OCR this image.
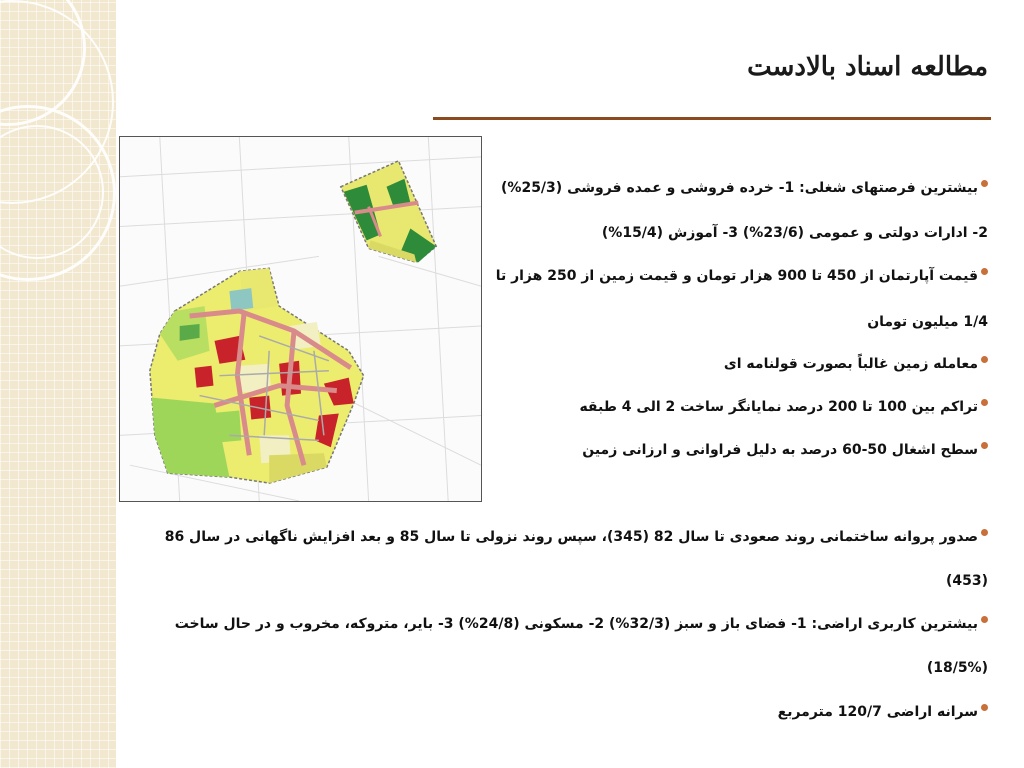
مطالعه اسناد بالادست
بیشترین فرصتهای شغلی: 1- خرده فروشی و عمده فروشی (25/3%)
2- ادارات دولتی و عمومی (23/6%) 3- آموزش (15/4%)
قیمت آپارتمان از 450 تا 900 هزار تومان و قیمت زمین از 250 هزار تا
1/4 میلیون تومان
معامله زمین غالباً بصورت قولنامه ای
تراکم بین 100 تا 200 درصد نمایانگر ساخت 2 الی 4 طبقه
سطح اشغال 50-60 درصد به دلیل فراوانی و ارزانی زمین
صدور پروانه ساختمانی روند صعودی تا سال 82 (345)، سپس روند نزولی تا سال 85 و بعد افزایش ناگهانی در سال 86
(453)
بیشترین کاربری اراضی: 1- فضای باز و سبز (32/3%) 2- مسکونی (24/8%) 3- بایر، متروکه، مخروب و در حال ساخت
(18/5%)
سرانه اراضی 120/7 مترمربع
